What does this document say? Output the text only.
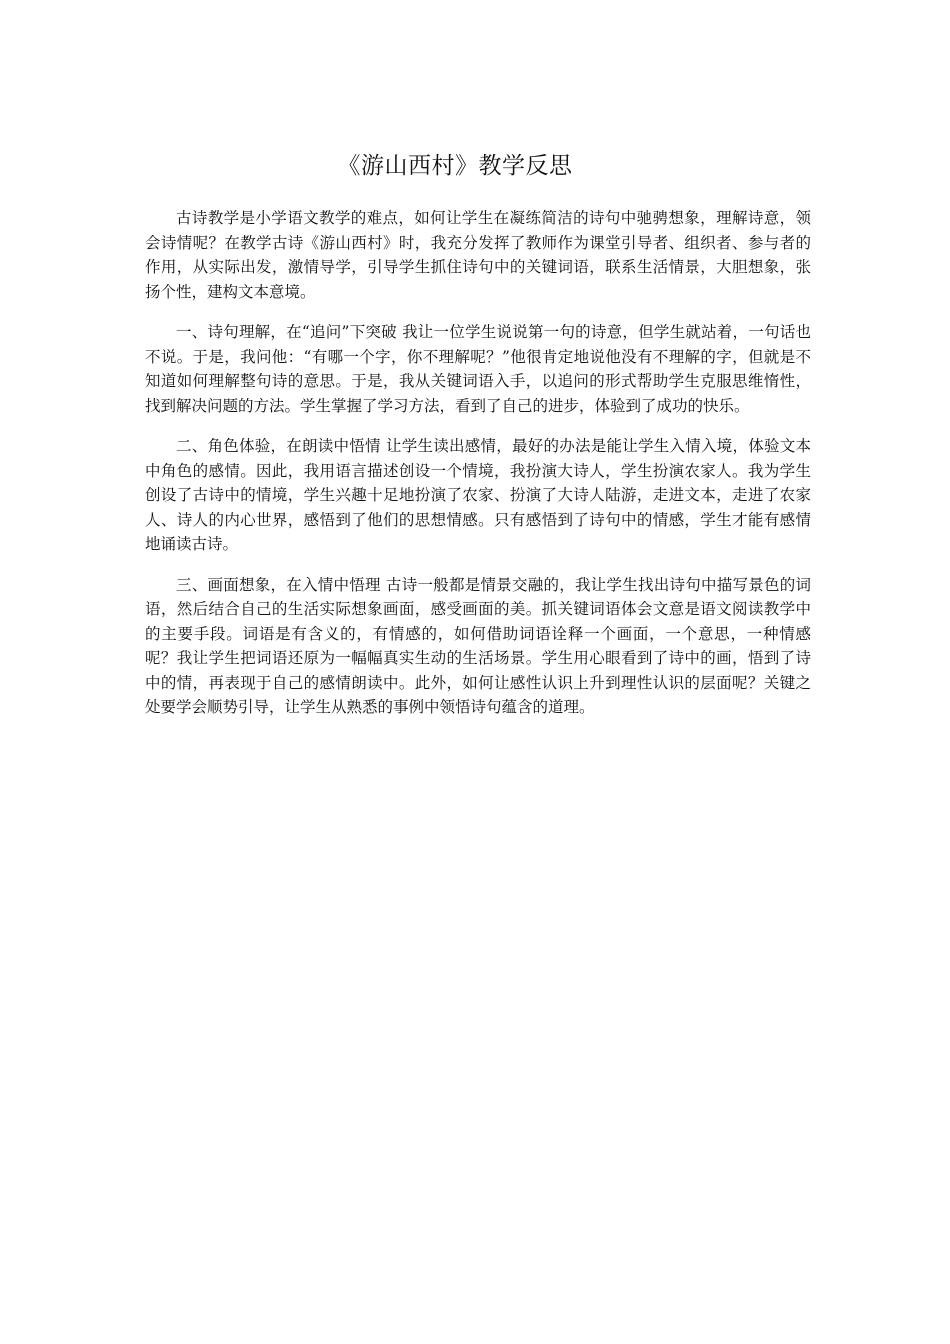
《游山西村》教学反思

古诗教学是小学语文教学的难点，如何让学生在凝练简洁的诗句中驰骋想象，理解诗意，领会诗情呢？在教学古诗《游山西村》时，我充分发挥了教师作为课堂引导者、组织者、参与者的作用，从实际出发，激情导学，引导学生抓住诗句中的关键词语，联系生活情景，大胆想象，张扬个性，建构文本意境。

一、诗句理解，在“追问”下突破 我让一位学生说说第一句的诗意，但学生就站着，一句话也不说。于是，我问他：“有哪一个字，你不理解呢？”他很肯定地说他没有不理解的字，但就是不知道如何理解整句诗的意思。于是，我从关键词语入手，以追问的形式帮助学生克服思维惰性，找到解决问题的方法。学生掌握了学习方法，看到了自己的进步，体验到了成功的快乐。

二、角色体验，在朗读中悟情 让学生读出感情，最好的办法是能让学生入情入境，体验文本中角色的感情。因此，我用语言描述创设一个情境，我扮演大诗人，学生扮演农家人。我为学生创设了古诗中的情境，学生兴趣十足地扮演了农家、扮演了大诗人陆游，走进文本，走进了农家人、诗人的内心世界，感悟到了他们的思想情感。只有感悟到了诗句中的情感，学生才能有感情地诵读古诗。

三、画面想象，在入情中悟理 古诗一般都是情景交融的，我让学生找出诗句中描写景色的词语，然后结合自己的生活实际想象画面，感受画面的美。抓关键词语体会文意是语文阅读教学中的主要手段。词语是有含义的，有情感的，如何借助词语诠释一个画面，一个意思，一种情感呢？我让学生把词语还原为一幅幅真实生动的生活场景。学生用心眼看到了诗中的画，悟到了诗中的情，再表现于自己的感情朗读中。此外，如何让感性认识上升到理性认识的层面呢？关键之处要学会顺势引导，让学生从熟悉的事例中领悟诗句蕴含的道理。
